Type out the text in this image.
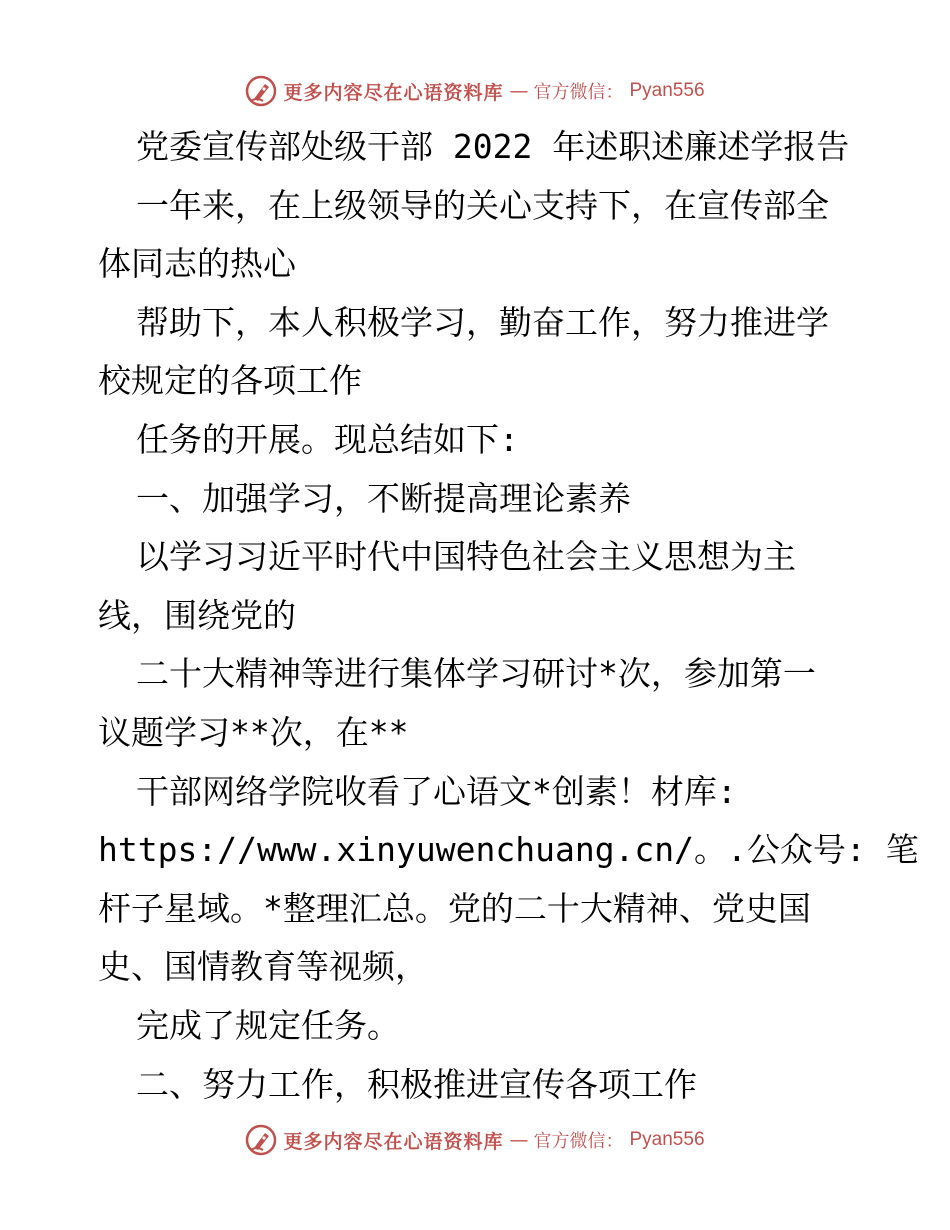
更多内容尽在心语资料库 — 官方微信： Pyan556
党委宣传部处级干部 2022 年述职述廉述学报告
一年来，在上级领导的关心支持下，在宣传部全
体同志的热心
帮助下，本人积极学习，勤奋工作，努力推进学
校规定的各项工作
任务的开展。现总结如下:
一、加强学习，不断提高理论素养
以学习习近平时代中国特色社会主义思想为主
线，围绕党的
二十大精神等进行集体学习研讨*次，参加第一
议题学习**次，在**
干部网络学院收看了心语文*创素！材库:
https://www.xinyuwenchuang.cn/。.公众号: 笔
杆子星域。*整理汇总。党的二十大精神、党史国
史、国情教育等视频，
完成了规定任务。
二、努力工作，积极推进宣传各项工作
更多内容尽在心语资料库 — 官方微信： Pyan556
